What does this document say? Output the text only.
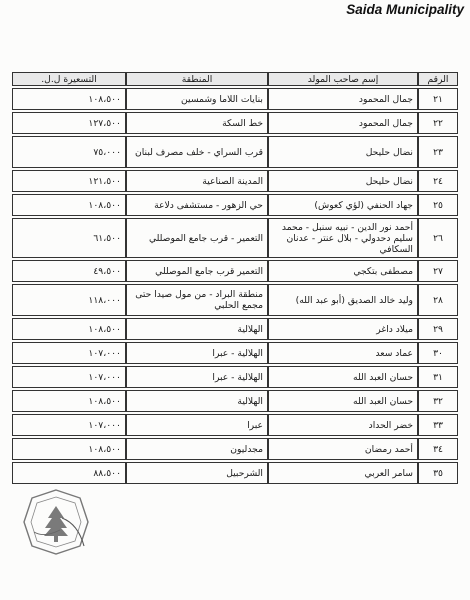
Saida Municipality
الرقم	إسم صاحب المولد	المنطقة	التسعيرة ل.ل.
٢١	جمال المحمود	بنايات اللاما وشمسين	١٠٨،٥٠٠
٢٢	جمال المحمود	خط السكة	١٢٧،٥٠٠
٢٣	نضال حليحل	قرب السراي - خلف مصرف لبنان	٧٥،٠٠٠
٢٤	نضال حليحل	المدينة الصناعية	١٢١،٥٠٠
٢٥	جهاد الحنفي (لؤي كعوش)	حي الزهور - مستشفى دلاعة	١٠٨،٥٠٠
٢٦	أحمد نور الدين - نبيه سنبل - محمد سليم دحدولي - بلال عنتر - عدنان السكافي	التعمير - قرب جامع الموصللي	٦١،٥٠٠
٢٧	مصطفى بتكجي	التعمير قرب جامع الموصللي	٤٩،٥٠٠
٢٨	وليد خالد الصديق (أبو عبد الله)	منطقة البراد - من مول صيدا حتى مجمع الحلبي	١١٨،٠٠٠
٢٩	ميلاد داغر	الهلالية	١٠٨،٥٠٠
٣٠	عماد سعد	الهلالية - عبرا	١٠٧،٠٠٠
٣١	حسان العبد الله	الهلالية - عبرا	١٠٧،٠٠٠
٣٢	حسان العبد الله	الهلالية	١٠٨،٥٠٠
٣٣	خضر الحداد	عبرا	١٠٧،٠٠٠
٣٤	أحمد رمضان	مجدليون	١٠٨،٥٠٠
٣٥	سامر العربي	الشرحبيل	٨٨،٥٠٠
